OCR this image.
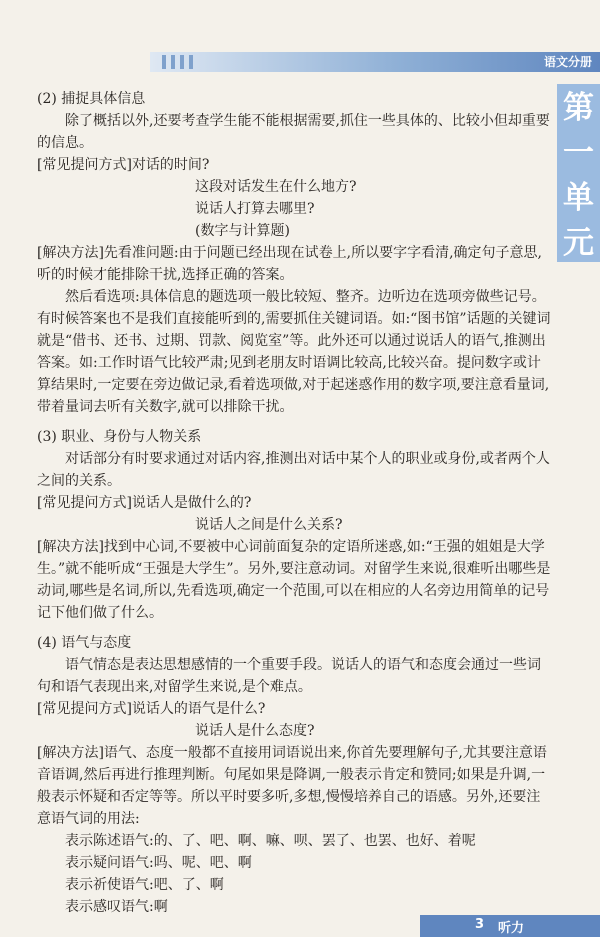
语文分册
第
一
单
元

(2) 捕捉具体信息

除了概括以外,还要考查学生能不能根据需要,抓住一些具体的、比较小但却重要的信息。

[常见提问方式]对话的时间?

这段对话发生在什么地方?

说话人打算去哪里?

(数字与计算题)

[解决方法]先看准问题:由于问题已经出现在试卷上,所以要字字看清,确定句子意思,听的时候才能排除干扰,选择正确的答案。

然后看选项:具体信息的题选项一般比较短、整齐。边听边在选项旁做些记号。有时候答案也不是我们直接能听到的,需要抓住关键词语。如:“图书馆”话题的关键词就是“借书、还书、过期、罚款、阅览室”等。此外还可以通过说话人的语气,推测出答案。如:工作时语气比较严肃;见到老朋友时语调比较高,比较兴奋。提问数字或计算结果时,一定要在旁边做记录,看着选项做,对于起迷惑作用的数字项,要注意看量词,带着量词去听有关数字,就可以排除干扰。

(3) 职业、身份与人物关系

对话部分有时要求通过对话内容,推测出对话中某个人的职业或身份,或者两个人之间的关系。

[常见提问方式]说话人是做什么的?

说话人之间是什么关系?

[解决方法]找到中心词,不要被中心词前面复杂的定语所迷惑,如:“王强的姐姐是大学生。”就不能听成“王强是大学生”。另外,要注意动词。对留学生来说,很难听出哪些是动词,哪些是名词,所以,先看选项,确定一个范围,可以在相应的人名旁边用简单的记号记下他们做了什么。

(4) 语气与态度

语气情态是表达思想感情的一个重要手段。说话人的语气和态度会通过一些词句和语气表现出来,对留学生来说,是个难点。

[常见提问方式]说话人的语气是什么?

说话人是什么态度?

[解决方法]语气、态度一般都不直接用词语说出来,你首先要理解句子,尤其要注意语音语调,然后再进行推理判断。句尾如果是降调,一般表示肯定和赞同;如果是升调,一般表示怀疑和否定等等。所以平时要多听,多想,慢慢培养自己的语感。另外,还要注意语气词的用法:

表示陈述语气:的、了、吧、啊、嘛、呗、罢了、也罢、也好、着呢

表示疑问语气:吗、呢、吧、啊

表示祈使语气:吧、了、啊

表示感叹语气:啊

3 听力
